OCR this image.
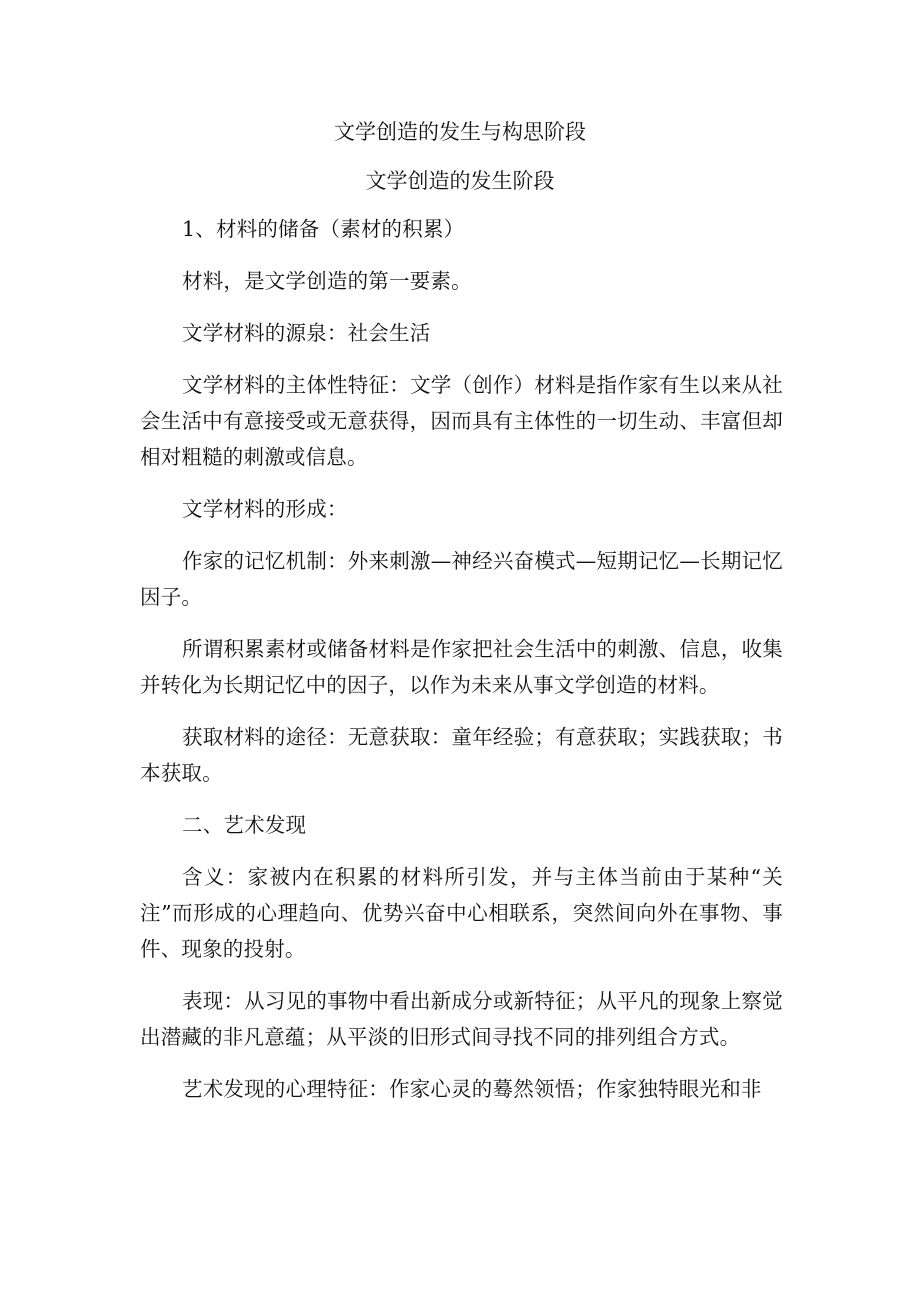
文学创造的发生与构思阶段
文学创造的发生阶段

1、材料的储备（素材的积累）

材料，是文学创造的第一要素。

文学材料的源泉：社会生活

文学材料的主体性特征：文学（创作）材料是指作家有生以来从社会生活中有意接受或无意获得，因而具有主体性的一切生动、丰富但却相对粗糙的刺激或信息。

文学材料的形成：

作家的记忆机制：外来刺激—神经兴奋模式—短期记忆—长期记忆因子。

所谓积累素材或储备材料是作家把社会生活中的刺激、信息，收集并转化为长期记忆中的因子，以作为未来从事文学创造的材料。

获取材料的途径：无意获取：童年经验；有意获取；实践获取；书本获取。

二、艺术发现

含义：家被内在积累的材料所引发，并与主体当前由于某种“关注”而形成的心理趋向、优势兴奋中心相联系，突然间向外在事物、事件、现象的投射。

表现：从习见的事物中看出新成分或新特征；从平凡的现象上察觉出潜藏的非凡意蕴；从平淡的旧形式间寻找不同的排列组合方式。

艺术发现的心理特征：作家心灵的蓦然领悟；作家独特眼光和非
